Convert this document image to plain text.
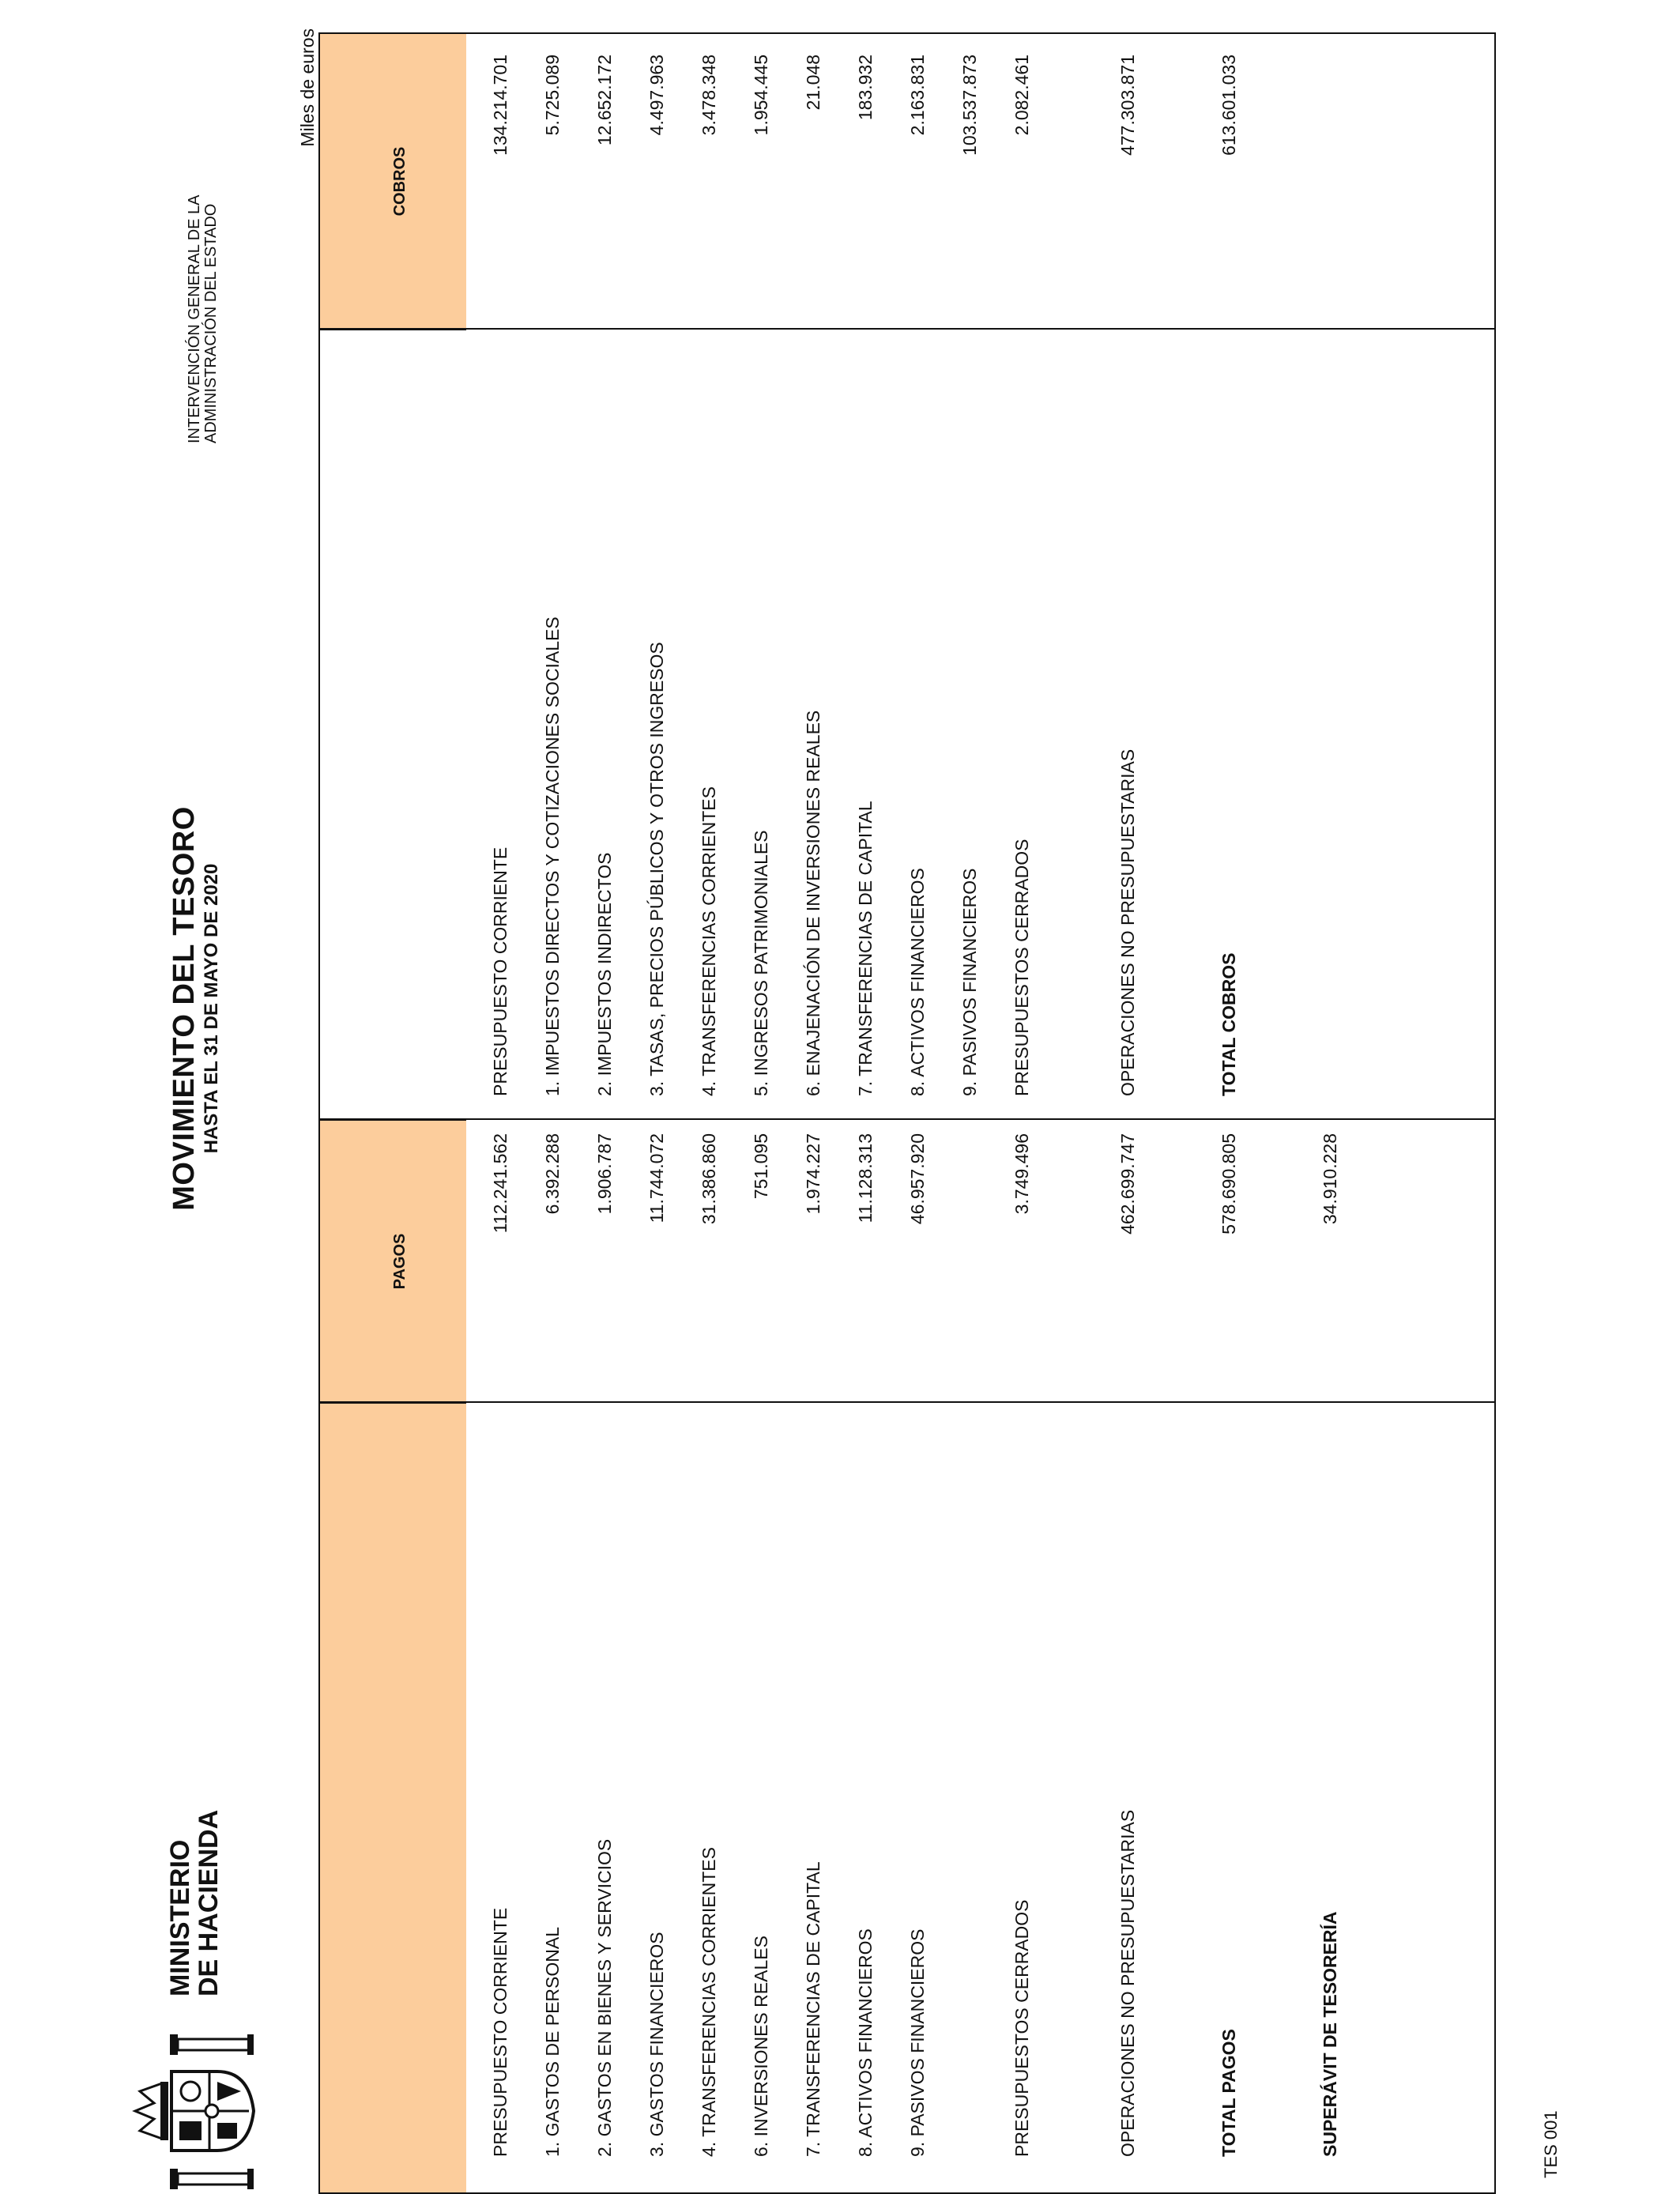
MINISTERIO
DE HACIENDA
MOVIMIENTO DEL TESORO HASTA EL 31 DE MAYO DE 2020
INTERVENCIÓN GENERAL DE LA ADMINISTRACIÓN DEL ESTADO
Miles de euros
PAGOS
COBROS
PRESUPUESTO CORRIENTE
112.241.562
1. GASTOS DE PERSONAL
6.392.288
2. GASTOS EN BIENES Y SERVICIOS
1.906.787
3. GASTOS FINANCIEROS
11.744.072
4. TRANSFERENCIAS CORRIENTES
31.386.860
6. INVERSIONES REALES
751.095
7. TRANSFERENCIAS DE CAPITAL
1.974.227
8. ACTIVOS FINANCIEROS
11.128.313
9. PASIVOS FINANCIEROS
46.957.920
PRESUPUESTOS CERRADOS
3.749.496
OPERACIONES NO PRESUPUESTARIAS
462.699.747
TOTAL PAGOS
578.690.805
SUPERÁVIT DE TESORERÍA
34.910.228
PRESUPUESTO CORRIENTE
134.214.701
1. IMPUESTOS DIRECTOS Y COTIZACIONES SOCIALES
5.725.089
2. IMPUESTOS INDIRECTOS
12.652.172
3. TASAS, PRECIOS PÚBLICOS Y OTROS INGRESOS
4.497.963
4. TRANSFERENCIAS CORRIENTES
3.478.348
5. INGRESOS PATRIMONIALES
1.954.445
6. ENAJENACIÓN DE INVERSIONES REALES
21.048
7. TRANSFERENCIAS DE CAPITAL
183.932
8. ACTIVOS FINANCIEROS
2.163.831
9. PASIVOS FINANCIEROS
103.537.873
PRESUPUESTOS CERRADOS
2.082.461
OPERACIONES NO PRESUPUESTARIAS
477.303.871
TOTAL COBROS
613.601.033
TES 001
